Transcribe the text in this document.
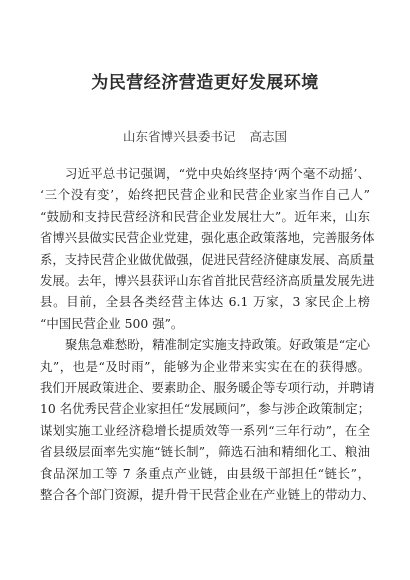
为民营经济营造更好发展环境
山东省博兴县委书记 高志国
习近平总书记强调，“党中央始终坚持‘两个毫不动摇’、
‘三个没有变’，始终把民营企业和民营企业家当作自己人”
“鼓励和支持民营经济和民营企业发展壮大”。近年来，山东
省博兴县做实民营企业党建，强化惠企政策落地，完善服务体
系，支持民营企业做优做强，促进民营经济健康发展、高质量
发展。去年，博兴县获评山东省首批民营经济高质量发展先进
县。目前，全县各类经营主体达 6.1 万家，3 家民企上榜
“中国民营企业 500 强”。
聚焦急难愁盼，精准制定实施支持政策。好政策是“定心
丸”，也是“及时雨”，能够为企业带来实实在在的获得感。
我们开展政策进企、要素助企、服务暖企等专项行动，并聘请
10 名优秀民营企业家担任“发展顾问”，参与涉企政策制定；
谋划实施工业经济稳增长提质效等一系列“三年行动”，在全
省县级层面率先实施“链长制”，筛选石油和精细化工、粮油
食品深加工等 7 条重点产业链，由县级干部担任“链长”，
整合各个部门资源，提升骨干民营企业在产业链上的带动力、
